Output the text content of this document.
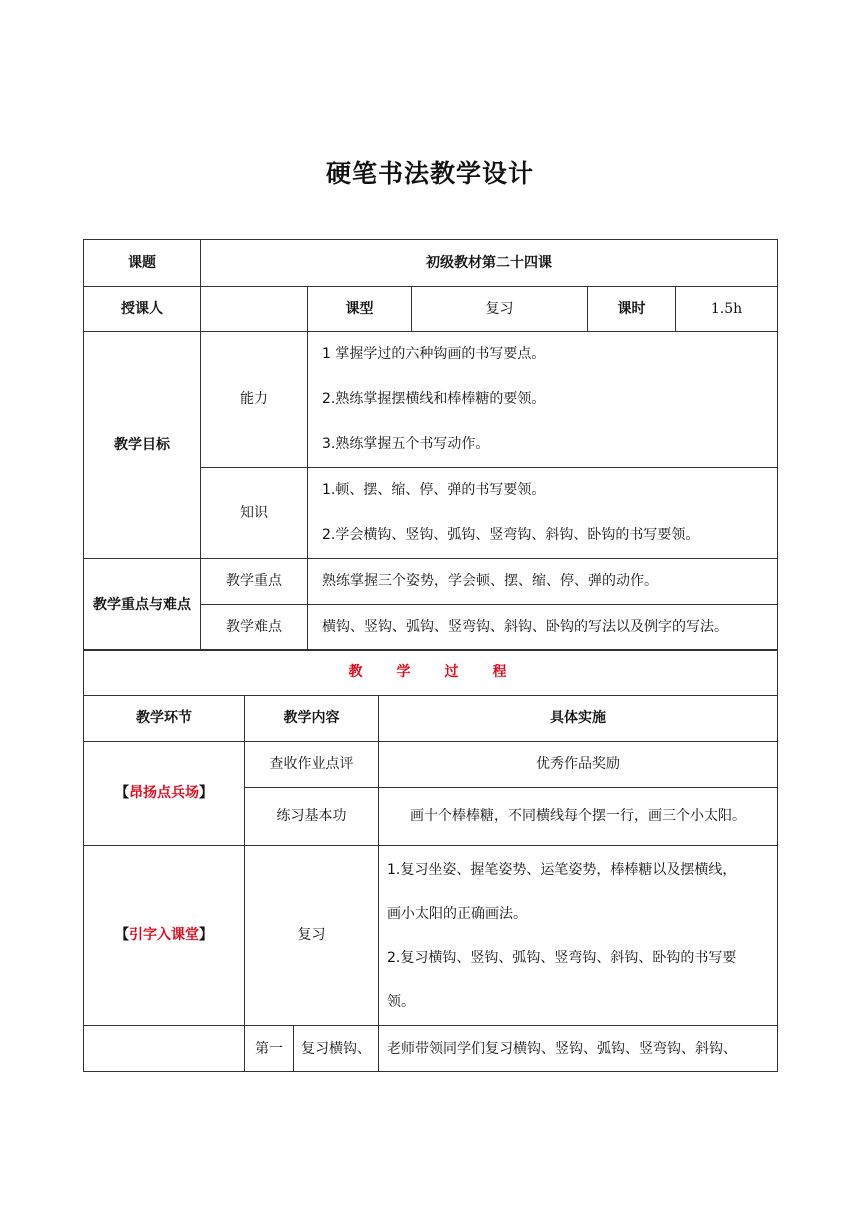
硬笔书法教学设计
课题	初级教材第二十四课				
授课人		课型	复习	课时	1.5h
教学目标	能力	1 掌握学过的六种钩画的书写要点。

2.熟练掌握摆横线和棒棒糖的要领。

3.熟练掌握五个书写动作。			

	知识	1.顿、摆、缩、停、弹的书写要领。

2.学会横钩、竖钩、弧钩、竖弯钩、斜钩、卧钩的书写要领。			

教学重点与难点	教学重点	熟练掌握三个姿势，学会顿、摆、缩、停、弹的动作。			
	教学难点	横钩、竖钩、弧钩、竖弯钩、斜钩、卧钩的写法以及例字的写法。			
教学过程			
教学环节	教学内容		具体实施
【昂扬点兵场】	查收作业点评		优秀作品奖励
	练习基本功		画十个棒棒糖，不同横线每个摆一行，画三个小太阳。
【引字入课堂】	复习		1.复习坐姿、握笔姿势、运笔姿势，棒棒糖以及摆横线，

画小太阳的正确画法。

2.复习横钩、竖钩、弧钩、竖弯钩、斜钩、卧钩的书写要

领。

	第一	复习横钩、	老师带领同学们复习横钩、竖钩、弧钩、竖弯钩、斜钩、
